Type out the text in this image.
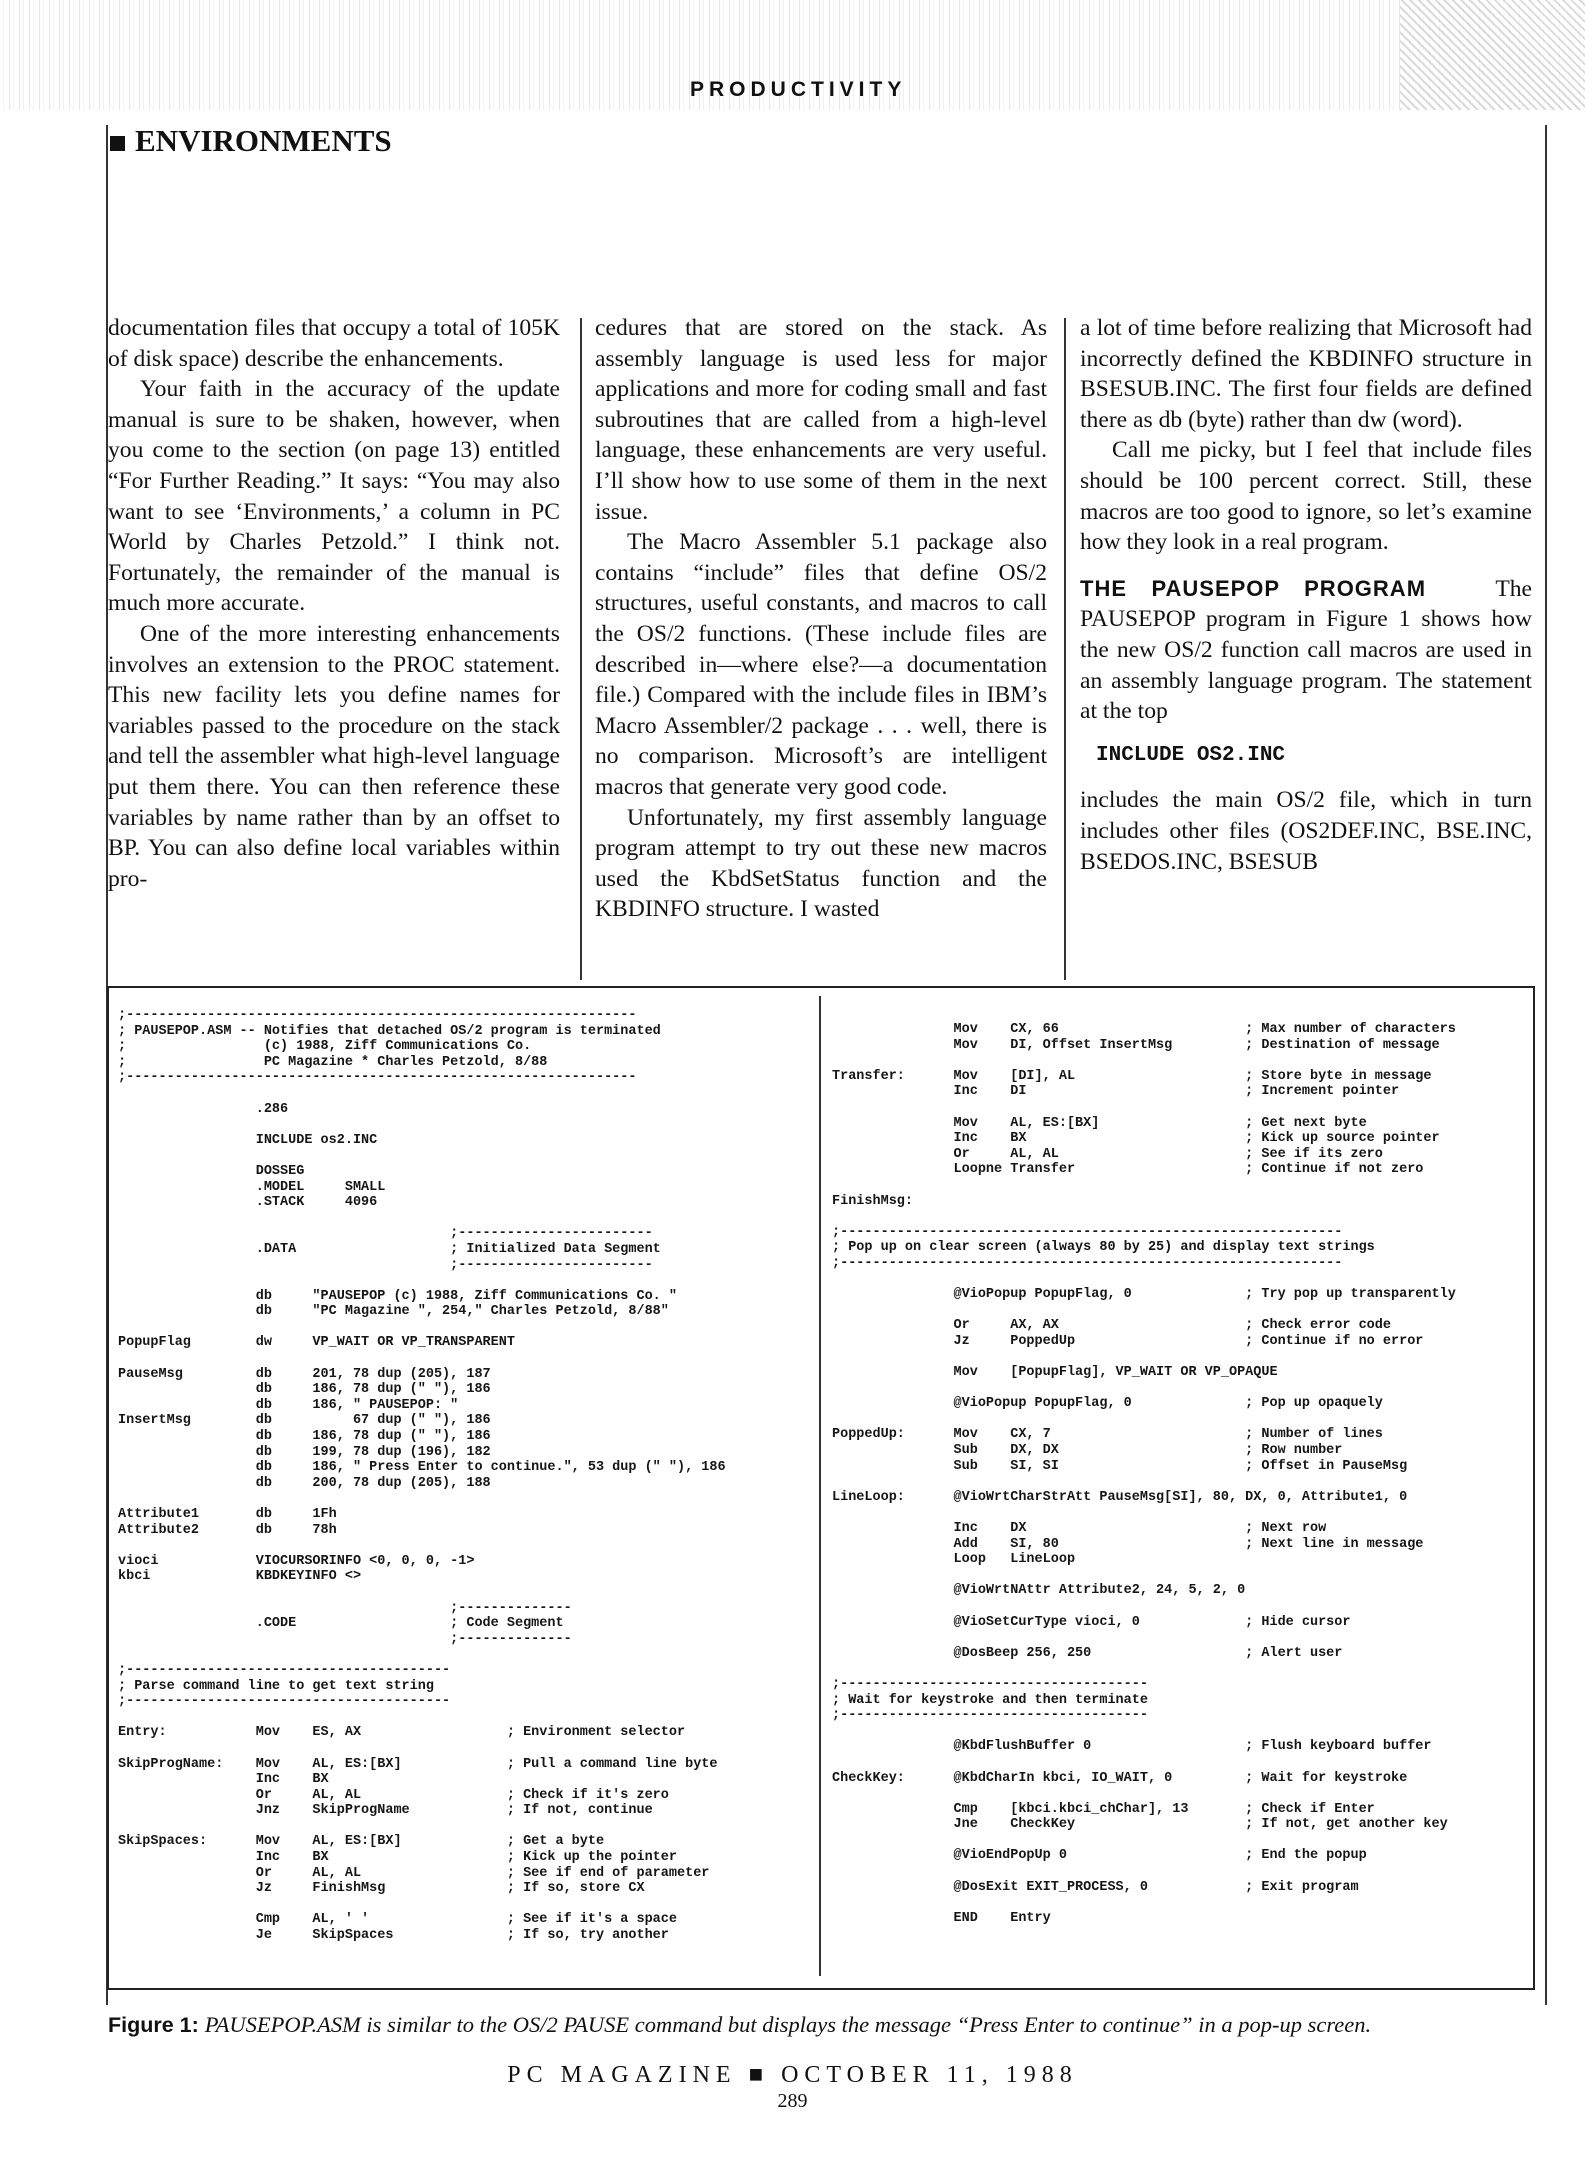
PRODUCTIVITY
ENVIRONMENTS

documentation files that occupy a total of 105K of disk space) describe the enhancements.

Your faith in the accuracy of the update manual is sure to be shaken, however, when you come to the section (on page 13) entitled “For Further Reading.” It says: “You may also want to see ‘Environments,’ a column in PC World by Charles Petzold.” I think not. Fortunately, the remainder of the manual is much more accurate.

One of the more interesting enhancements involves an extension to the PROC statement. This new facility lets you define names for variables passed to the procedure on the stack and tell the assembler what high-level language put them there. You can then reference these variables by name rather than by an offset to BP. You can also define local variables within pro-

cedures that are stored on the stack. As assembly language is used less for major applications and more for coding small and fast subroutines that are called from a high-level language, these enhancements are very useful. I’ll show how to use some of them in the next issue.

The Macro Assembler 5.1 package also contains “include” files that define OS/2 structures, useful constants, and macros to call the OS/2 functions. (These include files are described in—where else?—a documentation file.) Compared with the include files in IBM’s Macro Assembler/2 package . . . well, there is no comparison. Microsoft’s are intelligent macros that generate very good code.

Unfortunately, my first assembly language program attempt to try out these new macros used the KbdSetStatus function and the KBDINFO structure. I wasted

a lot of time before realizing that Microsoft had incorrectly defined the KBDINFO structure in BSESUB.INC. The first four fields are defined there as db (byte) rather than dw (word).

Call me picky, but I feel that include files should be 100 percent correct. Still, these macros are too good to ignore, so let’s examine how they look in a real program.

THE PAUSEPOP PROGRAM	The PAUSEPOP program in Figure 1 shows how the new OS/2 function call macros are used in an assembly language program. The statement at the top

INCLUDE OS2.INC

includes the main OS/2 file, which in turn includes other files (OS2DEF.INC, BSE.INC, BSEDOS.INC, BSESUB

;---------------------------------------------------------------
; PAUSEPOP.ASM -- Notifies that detached OS/2 program is terminated
;                 (c) 1988, Ziff Communications Co.
;                 PC Magazine * Charles Petzold, 8/88
;---------------------------------------------------------------

.286

INCLUDE os2.INC

DOSSEG
.MODEL     SMALL
.STACK     4096

;------------------------
.DATA                   ; Initialized Data Segment
;------------------------

db     "PAUSEPOP (c) 1988, Ziff Communications Co. "
db     "PC Magazine ", 254," Charles Petzold, 8/88"

PopupFlag        dw     VP_WAIT OR VP_TRANSPARENT

PauseMsg         db     201, 78 dup (205), 187
db     186, 78 dup (" "), 186
db     186, " PAUSEPOP: "
InsertMsg        db          67 dup (" "), 186
db     186, 78 dup (" "), 186
db     199, 78 dup (196), 182
db     186, " Press Enter to continue.", 53 dup (" "), 186
db     200, 78 dup (205), 188

Attribute1       db     1Fh
Attribute2       db     78h

vioci            VIOCURSORINFO <0, 0, 0, -1>
kbci             KBDKEYINFO <>

;--------------
.CODE                   ; Code Segment
;--------------

;----------------------------------------
; Parse command line to get text string
;----------------------------------------

Entry:           Mov    ES, AX                  ; Environment selector

SkipProgName:    Mov    AL, ES:[BX]             ; Pull a command line byte
Inc    BX
Or     AL, AL                  ; Check if it's zero
Jnz    SkipProgName            ; If not, continue

SkipSpaces:      Mov    AL, ES:[BX]             ; Get a byte
Inc    BX                      ; Kick up the pointer
Or     AL, AL                  ; See if end of parameter
Jz     FinishMsg               ; If so, store CX

Cmp    AL, ' '                 ; See if it's a space
Je     SkipSpaces              ; If so, try another
Mov    CX, 66                       ; Max number of characters
Mov    DI, Offset InsertMsg         ; Destination of message

Transfer:      Mov    [DI], AL                     ; Store byte in message
Inc    DI                           ; Increment pointer

Mov    AL, ES:[BX]                  ; Get next byte
Inc    BX                           ; Kick up source pointer
Or     AL, AL                       ; See if its zero
Loopne Transfer                     ; Continue if not zero

FinishMsg:

;--------------------------------------------------------------
; Pop up on clear screen (always 80 by 25) and display text strings
;--------------------------------------------------------------

@VioPopup PopupFlag, 0              ; Try pop up transparently

Or     AX, AX                       ; Check error code
Jz     PoppedUp                     ; Continue if no error

Mov    [PopupFlag], VP_WAIT OR VP_OPAQUE

@VioPopup PopupFlag, 0              ; Pop up opaquely

PoppedUp:      Mov    CX, 7                        ; Number of lines
Sub    DX, DX                       ; Row number
Sub    SI, SI                       ; Offset in PauseMsg

LineLoop:      @VioWrtCharStrAtt PauseMsg[SI], 80, DX, 0, Attribute1, 0

Inc    DX                           ; Next row
Add    SI, 80                       ; Next line in message
Loop   LineLoop

@VioWrtNAttr Attribute2, 24, 5, 2, 0

@VioSetCurType vioci, 0             ; Hide cursor

@DosBeep 256, 250                   ; Alert user

;--------------------------------------
; Wait for keystroke and then terminate
;--------------------------------------

@KbdFlushBuffer 0                   ; Flush keyboard buffer

CheckKey:      @KbdCharIn kbci, IO_WAIT, 0         ; Wait for keystroke

Cmp    [kbci.kbci_chChar], 13       ; Check if Enter
Jne    CheckKey                     ; If not, get another key

@VioEndPopUp 0                      ; End the popup

@DosExit EXIT_PROCESS, 0            ; Exit program

END    Entry
Figure 1: PAUSEPOP.ASM is similar to the OS/2 PAUSE command but displays the message “Press Enter to continue” in a pop-up screen.
PC MAGAZINE ■ OCTOBER 11, 1988
289
